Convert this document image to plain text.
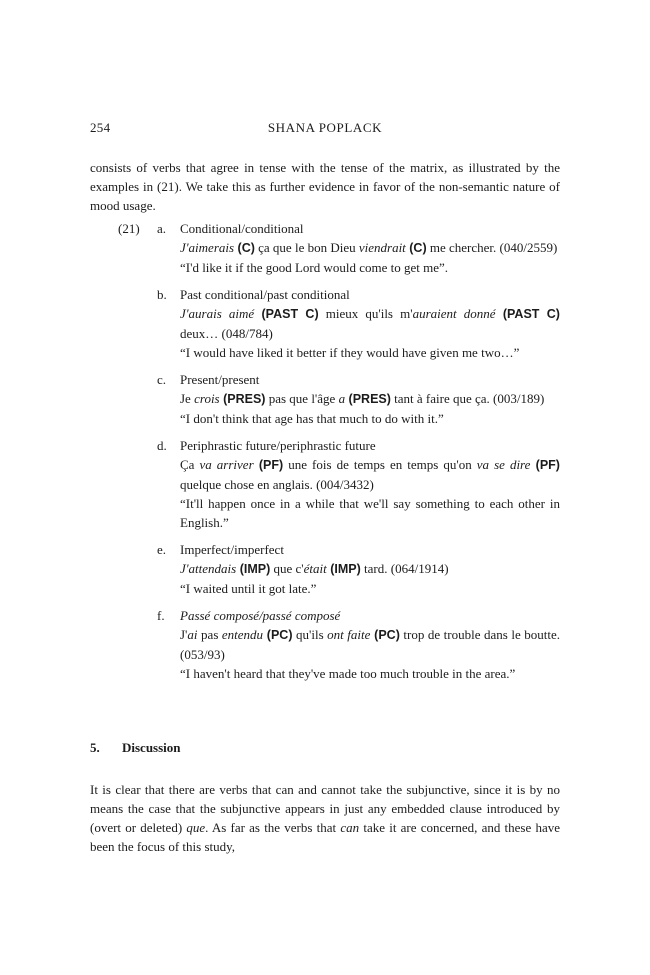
254	SHANA POPLACK

consists of verbs that agree in tense with the tense of the matrix, as illustrated by the examples in (21). We take this as further evidence in favor of the non-semantic nature of mood usage.

(21) a. Conditional/conditional
J'aimerais (C) ça que le bon Dieu viendrait (C) me chercher. (040/2559)
“I'd like it if the good Lord would come to get me”.
b. Past conditional/past conditional
J'aurais aimé (PAST C) mieux qu'ils m'auraient donné (PAST C) deux… (048/784)
“I would have liked it better if they would have given me two…”
c. Present/present
Je crois (PRES) pas que l'âge a (PRES) tant à faire que ça. (003/189)
“I don't think that age has that much to do with it.”
d. Periphrastic future/periphrastic future
Ça va arriver (PF) une fois de temps en temps qu'on va se dire (PF) quelque chose en anglais. (004/3432)
“It'll happen once in a while that we'll say something to each other in English.”
e. Imperfect/imperfect
J'attendais (IMP) que c'était (IMP) tard. (064/1914)
“I waited until it got late.”
f. Passé composé/passé composé
J'ai pas entendu (PC) qu'ils ont faite (PC) trop de trouble dans le boutte. (053/93)
“I haven't heard that they've made too much trouble in the area.”
5. Discussion

It is clear that there are verbs that can and cannot take the subjunctive, since it is by no means the case that the subjunctive appears in just any embedded clause introduced by (overt or deleted) que. As far as the verbs that can take it are concerned, and these have been the focus of this study,
